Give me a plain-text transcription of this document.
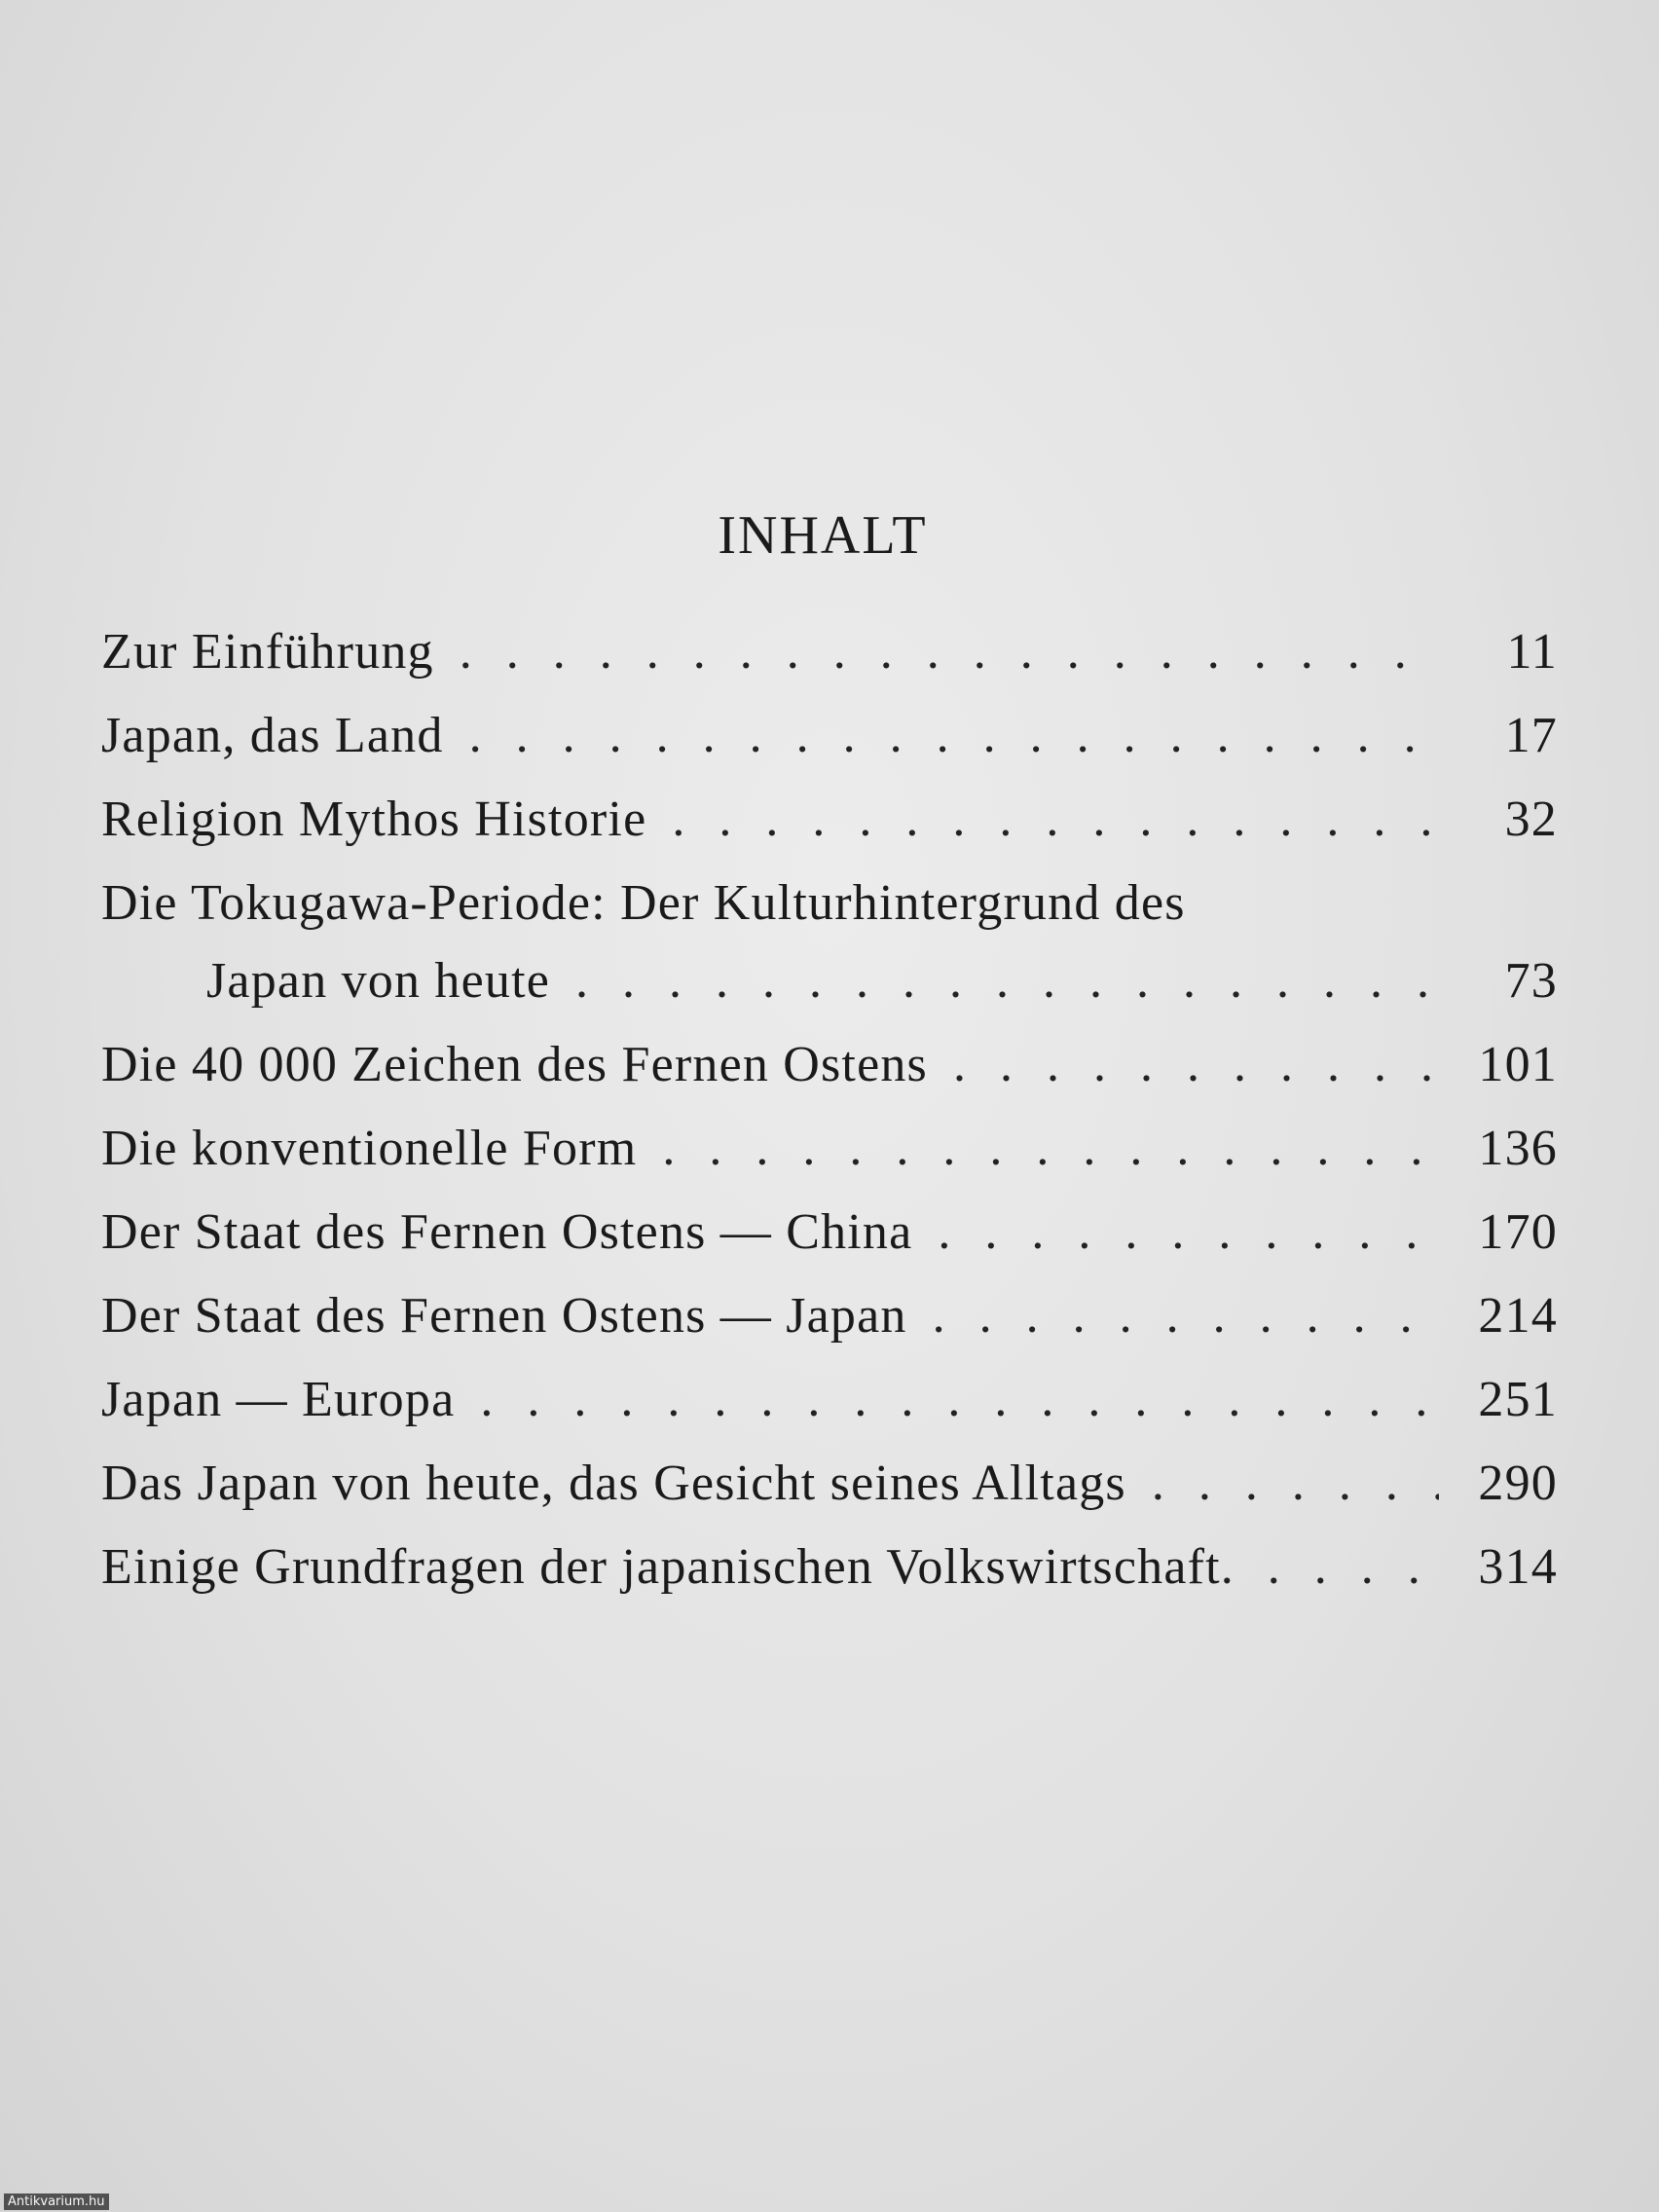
INHALT
Zur Einführung . . .	11
Japan, das Land . . .	17
Religion Mythos Historie . . .	32
Die Tokugawa-Periode: Der Kulturhintergrund des
Japan von heute . . .	73
Die 40 000 Zeichen des Fernen Ostens . . .	101
Die konventionelle Form . . .	136
Der Staat des Fernen Ostens — China . . .	170
Der Staat des Fernen Ostens — Japan . . .	214
Japan — Europa . . .	251
Das Japan von heute, das Gesicht seines Alltags . . .	290
Einige Grundfragen der japanischen Volkswirtschaft . . .	314
Antikvarium.hu
